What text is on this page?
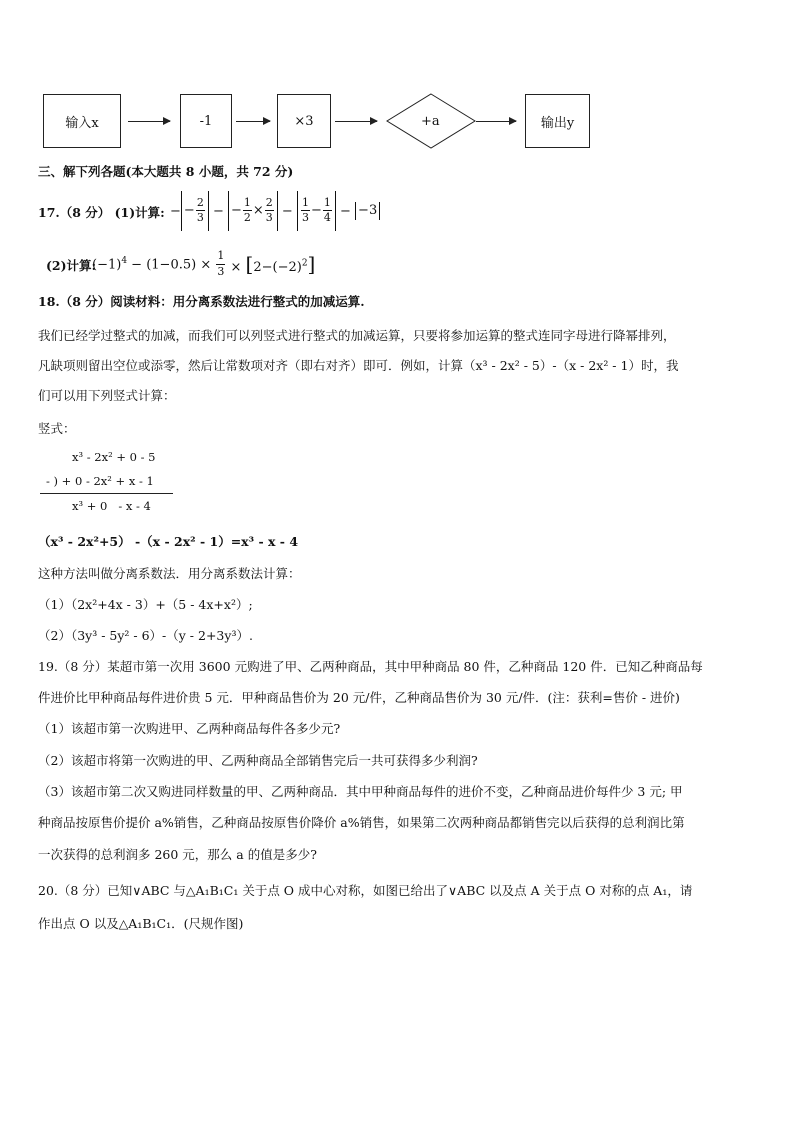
输入x	-1	×3	+a	输出y
三、解下列各题(本大题共 8 小题，共 72 分)
17.（8 分） (1)计算: − − $\frac{2}{3}$ − − $\frac{1}{2} \times \frac{2}{3} - \frac{1}{3} - \frac{1}{4} - -3$
(2)计算:
$(-1)^4 - (1-0.5) \times \frac{1}{3} \times [2-(-2)^2]$
18.（8 分）阅读材料：用分离系数法进行整式的加减运算.
我们已经学过整式的加减，而我们可以列竖式进行整式的加减运算，只要将参加运算的整式连同字母进行降幂排列，
凡缺项则留出空位或添零，然后让常数项对齐（即右对齐）即可．例如，计算（x³ - 2x² - 5）-（x - 2x² - 1）时，我
们可以用下列竖式计算：
竖式：
x³ - 2x² + 0 - 5
- ) + 0 - 2x² + x - 1
x³ + 0   - x - 4
（x³ - 2x²+5） -（x - 2x² - 1）=x³ - x - 4
这种方法叫做分离系数法．用分离系数法计算：
（1）（2x²+4x - 3）+（5 - 4x+x²）;
（2）（3y³ - 5y² - 6）-（y - 2+3y³）.
19.（8 分）某超市第一次用 3600 元购进了甲、乙两种商品，其中甲种商品 80 件，乙种商品 120 件．已知乙种商品每
件进价比甲种商品每件进价贵 5 元．甲种商品售价为 20 元/件，乙种商品售价为 30 元/件．(注：获利=售价 - 进价)
（1）该超市第一次购进甲、乙两种商品每件各多少元?
（2）该超市将第一次购进的甲、乙两种商品全部销售完后一共可获得多少利润?
（3）该超市第二次又购进同样数量的甲、乙两种商品．其中甲种商品每件的进价不变，乙种商品进价每件少 3 元; 甲
种商品按原售价提价 a%销售，乙种商品按原售价降价 a%销售，如果第二次两种商品都销售完以后获得的总利润比第
一次获得的总利润多 260 元，那么 a 的值是多少?
20.（8 分）已知∨ABC 与△A₁B₁C₁ 关于点 O 成中心对称，如图已给出了∨ABC 以及点 A 关于点 O 对称的点 A₁，请
作出点 O 以及△A₁B₁C₁．(尺规作图)
